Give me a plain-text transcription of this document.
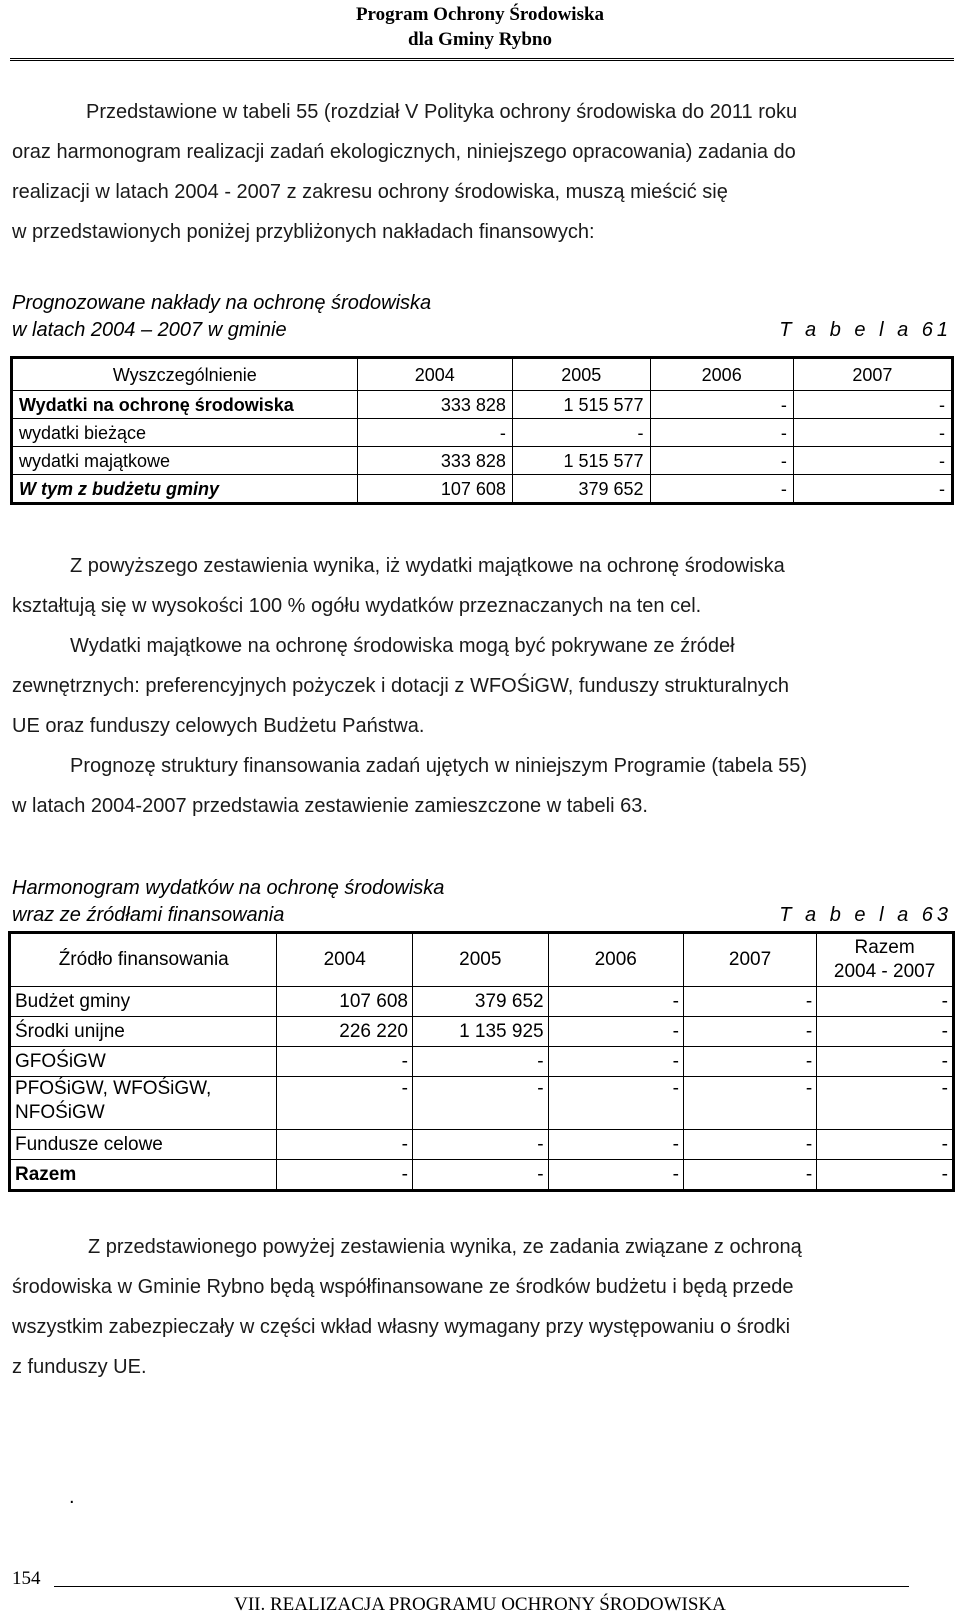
Program Ochrony Środowiska
dla Gminy Rybno
Przedstawione w tabeli 55 (rozdział V Polityka ochrony środowiska do 2011 roku
oraz harmonogram realizacji zadań ekologicznych, niniejszego opracowania) zadania do
realizacji w latach 2004 - 2007 z zakresu ochrony środowiska, muszą mieścić się
w przedstawionych poniżej przybliżonych nakładach finansowych:
Prognozowane nakłady na ochronę środowiska
w latach 2004 – 2007 w gminie	T a b e l a 61
Wyszczególnienie	2004	2005	2006	2007
Wydatki na ochronę środowiska	333 828	1 515 577	-	-
wydatki bieżące	-	-	-	-
wydatki majątkowe	333 828	1 515 577	-	-
W tym z budżetu gminy	107 608	379 652	-	-
Z powyższego zestawienia wynika, iż wydatki majątkowe na ochronę środowiska
kształtują się w wysokości 100 % ogółu wydatków przeznaczanych na ten cel.
Wydatki majątkowe na ochronę środowiska mogą być pokrywane ze źródeł
zewnętrznych: preferencyjnych pożyczek i dotacji z WFOŚiGW, funduszy strukturalnych
UE oraz funduszy celowych Budżetu Państwa.
Prognozę struktury finansowania zadań ujętych w niniejszym Programie (tabela 55)
w latach 2004-2007 przedstawia zestawienie zamieszczone w tabeli 63.
Harmonogram wydatków na ochronę środowiska
wraz ze źródłami finansowania	T a b e l a 63
Źródło finansowania	2004	2005	2006	2007	Razem
2004 - 2007

Budżet gminy	107 608	379 652	-	-	-
Środki unijne	226 220	1 135 925	-	-	-
GFOŚiGW	-	-	-	-	-

PFOŚiGW, WFOŚiGW,
NFOŚiGW	-	-	-	-	-
Fundusze celowe	-	-	-	-	-
Razem	-	-	-	-	-
Z przedstawionego powyżej zestawienia wynika, ze zadania związane z ochroną
środowiska w Gminie Rybno będą współfinansowane ze środków budżetu i będą przede
wszystkim zabezpieczały w części wkład własny wymagany przy występowaniu o środki
z funduszy UE.
.
154
VII. REALIZACJA PROGRAMU OCHRONY ŚRODOWISKA
